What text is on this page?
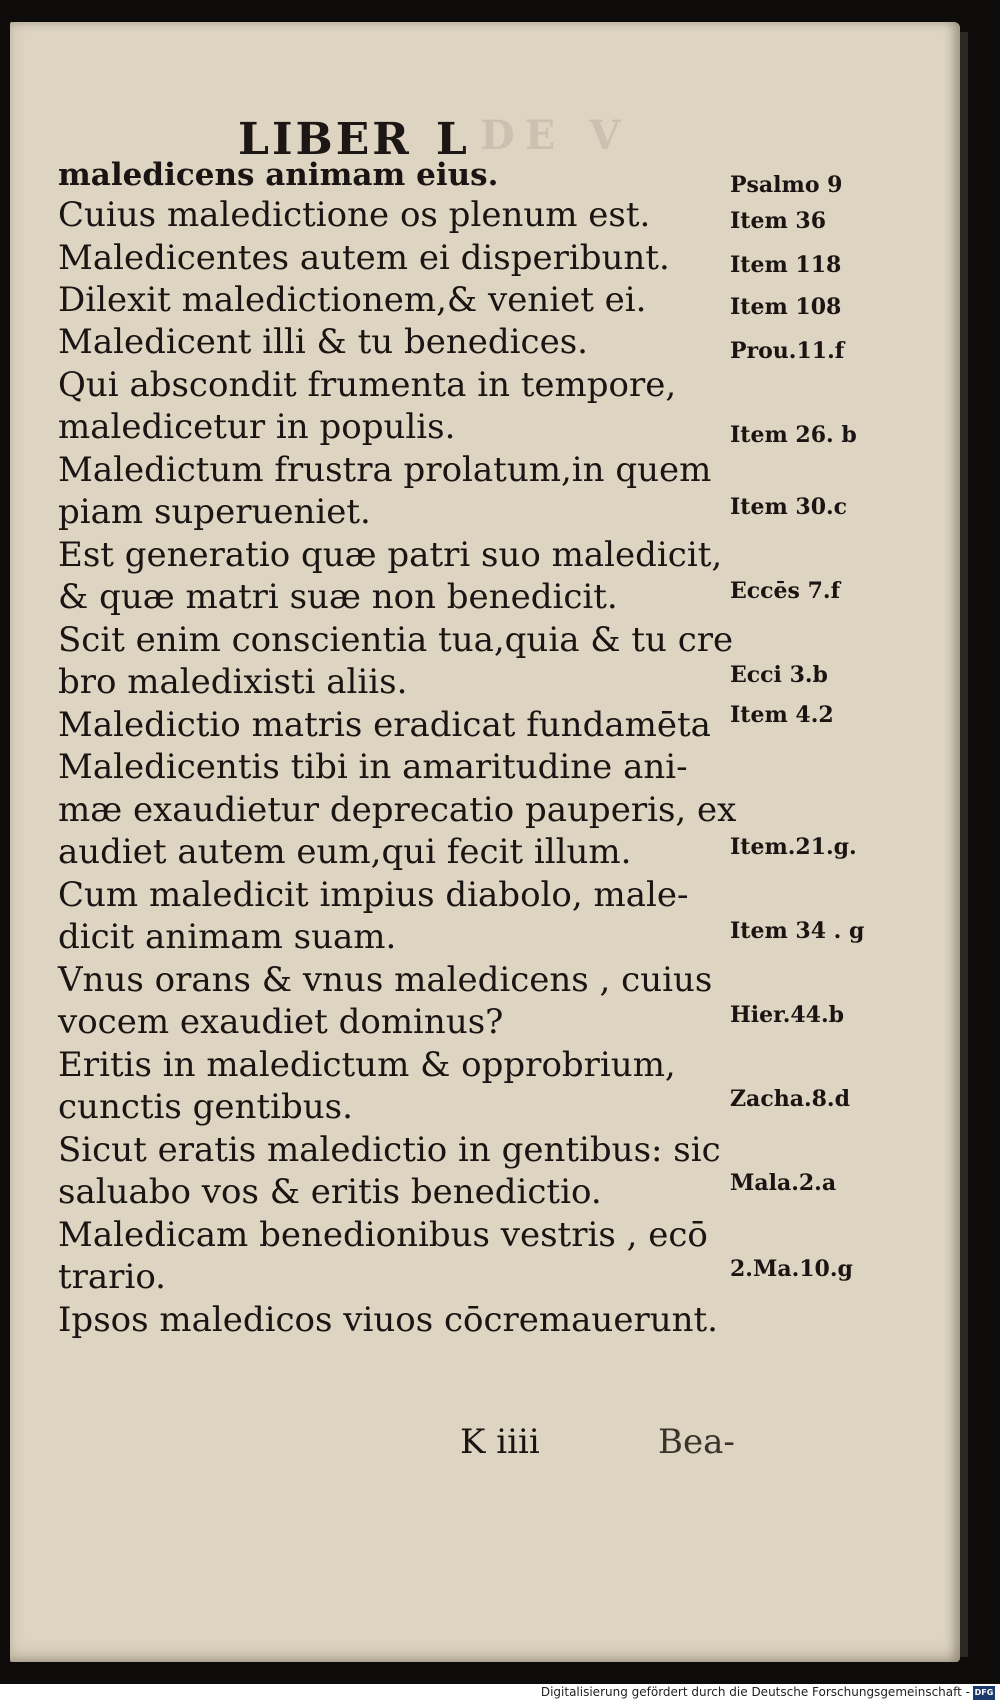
DE V
LIBER L
maledicens animam eius.
Cuius maledictione os plenum est.
Maledicentes autem ei disperibunt.
Dilexit maledictionem,& veniet ei.
Maledicent illi & tu benedices.
Qui abscondit frumenta in tempore,
maledicetur in populis.
Maledictum frustra prolatum,in quem
piam superueniet.
Est generatio quæ patri suo maledicit,
& quæ matri suæ non benedicit.
Scit enim conscientia tua,quia & tu cre
bro maledixisti aliis.
Maledictio matris eradicat fundamēta
Maledicentis tibi in amaritudine ani-
mæ exaudietur deprecatio pauperis, ex
audiet autem eum,qui fecit illum.
Cum maledicit impius diabolo, male-
dicit animam suam.
Vnus orans & vnus maledicens , cuius
vocem exaudiet dominus?
Eritis in maledictum & opprobrium,
cunctis gentibus.
Sicut eratis maledictio in gentibus: sic
saluabo vos & eritis benedictio.
Maledicam benedionibus vestris , ecō
trario.
Ipsos maledicos viuos cōcremauerunt.
Psalmo 9
Item 36
Item 118
Item 108
Prou.11.f
Item 26. b
Item 30.c
Eccēs 7.f
Ecci 3.b
Item 4.2
Item.21.g.
Item 34 . g
Hier.44.b
Zacha.8.d
Mala.2.a
2.Ma.10.g
K iiii	Bea-
Digitalisierung gefördert durch die Deutsche Forschungsgemeinschaft - DFG
